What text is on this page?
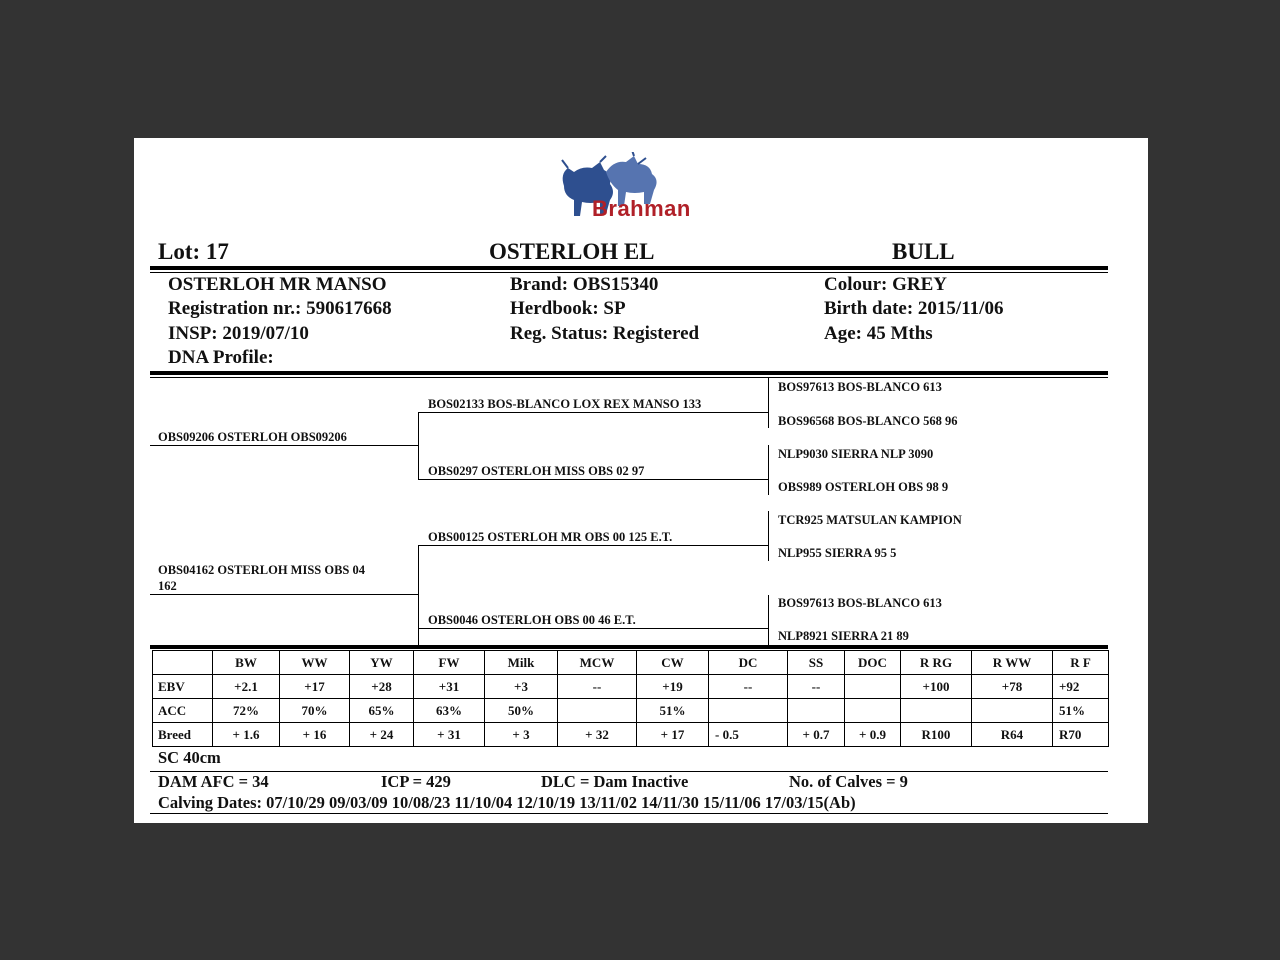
Brahman
Lot: 17	OSTERLOH EL	BULL
OSTERLOH MR MANSO
Registration nr.: 590617668
INSP: 2019/07/10
DNA Profile:
Brand: OBS15340
Herdbook: SP
Reg. Status: Registered
Colour: GREY
Birth date: 2015/11/06
Age: 45 Mths
OBS09206 OSTERLOH OBS09206
OBS04162 OSTERLOH MISS OBS 04
162
BOS02133 BOS-BLANCO LOX REX MANSO 133
OBS0297 OSTERLOH MISS OBS 02 97
OBS00125 OSTERLOH MR OBS 00 125 E.T.
OBS0046 OSTERLOH OBS 00 46 E.T.
BOS97613 BOS-BLANCO 613
BOS96568 BOS-BLANCO 568 96
NLP9030 SIERRA NLP 3090
OBS989 OSTERLOH OBS 98 9
TCR925 MATSULAN KAMPION
NLP955 SIERRA 95 5
BOS97613 BOS-BLANCO 613
NLP8921 SIERRA 21 89
	BW	WW	YW	FW	Milk	MCW	CW	DC	SS	DOC	R RG	R WW	R F
EBV	+2.1	+17	+28	+31	+3	--	+19	--	--		+100	+78	+92
ACC	72%	70%	65%	63%	50%		51%						51%
Breed	+ 1.6	+ 16	+ 24	+ 31	+ 3	+ 32	+ 17	- 0.5	+ 0.7	+ 0.9	R100	R64	R70
SC 40cm
DAM AFC = 34	ICP = 429	DLC = Dam Inactive	No. of Calves = 9
Calving Dates: 07/10/29 09/03/09 10/08/23 11/10/04 12/10/19 13/11/02 14/11/30 15/11/06 17/03/15(Ab)
